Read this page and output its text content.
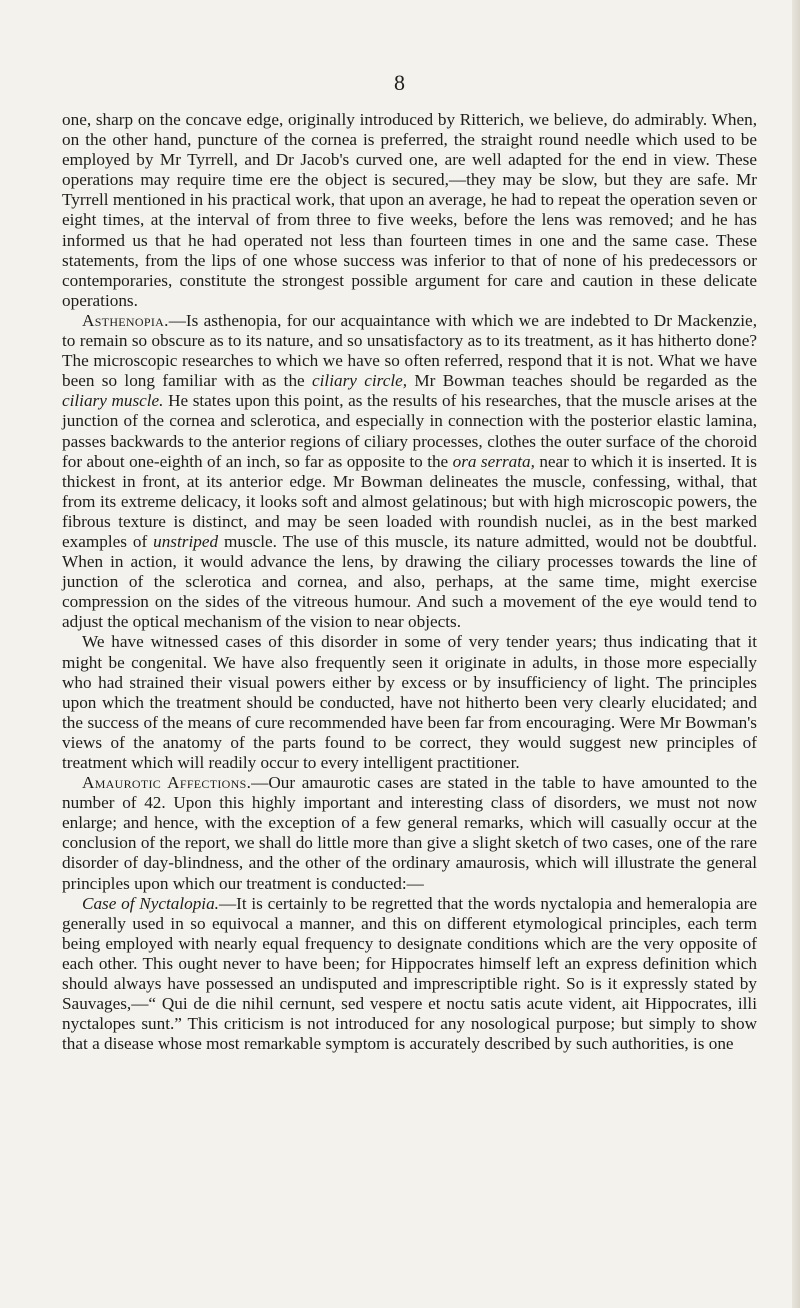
8

one, sharp on the concave edge, originally introduced by Ritterich, we believe, do admirably. When, on the other hand, puncture of the cornea is preferred, the straight round needle which used to be employed by Mr Tyrrell, and Dr Jacob's curved one, are well adapted for the end in view. These operations may require time ere the object is secured,—they may be slow, but they are safe. Mr Tyrrell mentioned in his practical work, that upon an average, he had to repeat the operation seven or eight times, at the interval of from three to five weeks, before the lens was removed; and he has informed us that he had operated not less than fourteen times in one and the same case. These statements, from the lips of one whose success was inferior to that of none of his predecessors or contemporaries, constitute the strongest possible argument for care and caution in these delicate operations.

Asthenopia.—Is asthenopia, for our acquaintance with which we are indebted to Dr Mackenzie, to remain so obscure as to its nature, and so unsatisfactory as to its treatment, as it has hitherto done? The microscopic researches to which we have so often referred, respond that it is not. What we have been so long familiar with as the ciliary circle, Mr Bowman teaches should be regarded as the ciliary muscle. He states upon this point, as the results of his researches, that the muscle arises at the junction of the cornea and sclerotica, and especially in connection with the posterior elastic lamina, passes backwards to the anterior regions of ciliary processes, clothes the outer surface of the choroid for about one-eighth of an inch, so far as opposite to the ora serrata, near to which it is inserted. It is thickest in front, at its anterior edge. Mr Bowman delineates the muscle, confessing, withal, that from its extreme delicacy, it looks soft and almost gelatinous; but with high microscopic powers, the fibrous texture is distinct, and may be seen loaded with roundish nuclei, as in the best marked examples of unstriped muscle. The use of this muscle, its nature admitted, would not be doubtful. When in action, it would advance the lens, by drawing the ciliary processes towards the line of junction of the sclerotica and cornea, and also, perhaps, at the same time, might exercise compression on the sides of the vitreous humour. And such a movement of the eye would tend to adjust the optical mechanism of the vision to near objects.

We have witnessed cases of this disorder in some of very tender years; thus indicating that it might be congenital. We have also frequently seen it originate in adults, in those more especially who had strained their visual powers either by excess or by insufficiency of light. The principles upon which the treatment should be conducted, have not hitherto been very clearly elucidated; and the success of the means of cure recommended have been far from encouraging. Were Mr Bowman's views of the anatomy of the parts found to be correct, they would suggest new principles of treatment which will readily occur to every intelligent practitioner.

Amaurotic Affections.—Our amaurotic cases are stated in the table to have amounted to the number of 42. Upon this highly important and interesting class of disorders, we must not now enlarge; and hence, with the exception of a few general remarks, which will casually occur at the conclusion of the report, we shall do little more than give a slight sketch of two cases, one of the rare disorder of day-blindness, and the other of the ordinary amaurosis, which will illustrate the general principles upon which our treatment is conducted:—

Case of Nyctalopia.—It is certainly to be regretted that the words nyctalopia and hemeralopia are generally used in so equivocal a manner, and this on different etymological principles, each term being employed with nearly equal frequency to designate conditions which are the very opposite of each other. This ought never to have been; for Hippocrates himself left an express definition which should always have possessed an undisputed and imprescriptible right. So is it expressly stated by Sauvages,—“ Qui de die nihil cernunt, sed vespere et noctu satis acute vident, ait Hippocrates, illi nyctalopes sunt.” This criticism is not introduced for any nosological purpose; but simply to show that a disease whose most remarkable symptom is accurately described by such authorities, is one
